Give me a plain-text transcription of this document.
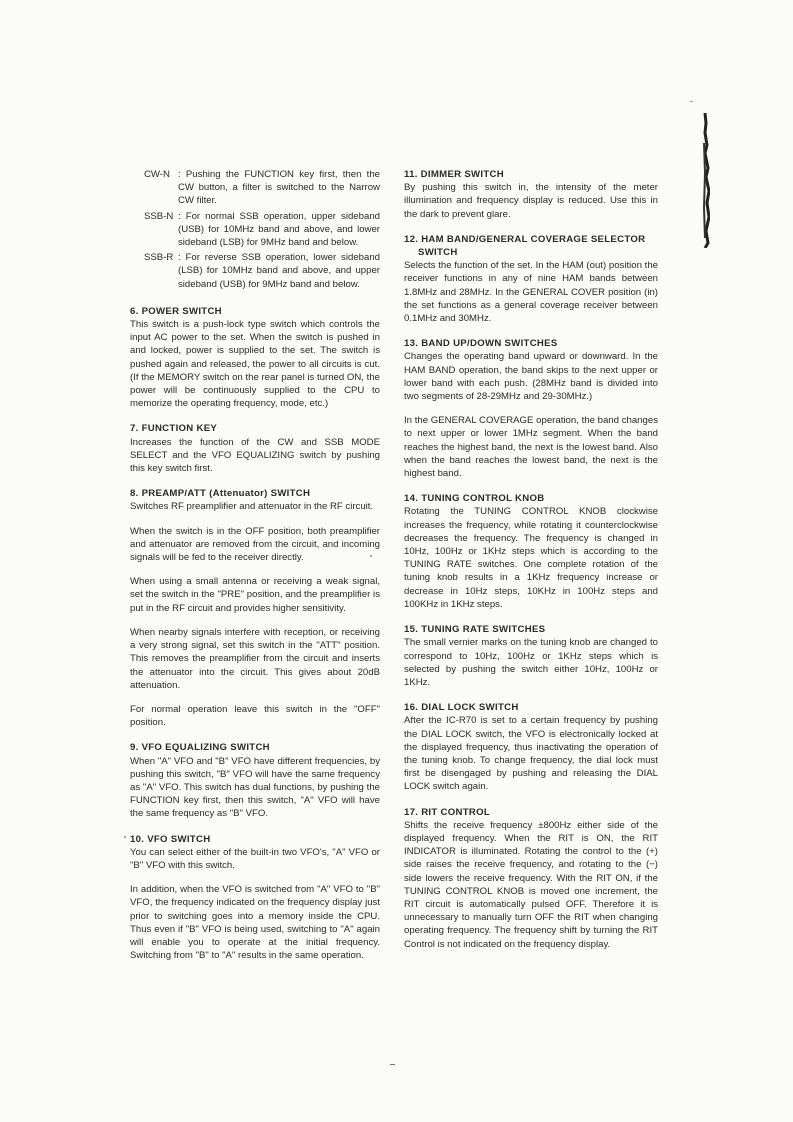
CW-N : Pushing the FUNCTION key first, then the CW button, a filter is switched to the Narrow CW filter.
SSB-N : For normal SSB operation, upper sideband (USB) for 10MHz band and above, and lower sideband (LSB) for 9MHz band and below.
SSB-R : For reverse SSB operation, lower sideband (LSB) for 10MHz band and above, and upper sideband (USB) for 9MHz band and below.

6. POWER SWITCH

This switch is a push-lock type switch which controls the input AC power to the set. When the switch is pushed in and locked, power is supplied to the set. The switch is pushed again and released, the power to all circuits is cut. (If the MEMORY switch on the rear panel is turned ON, the power will be continuously supplied to the CPU to memorize the operating frequency, mode, etc.)

7. FUNCTION KEY

Increases the function of the CW and SSB MODE SELECT and the VFO EQUALIZING switch by pushing this key switch first.

8. PREAMP/ATT (Attenuator) SWITCH

Switches RF preamplifier and attenuator in the RF circuit.

When the switch is in the OFF position, both preamplifier and attenuator are removed from the circuit, and incoming signals will be fed to the receiver directly.

When using a small antenna or receiving a weak signal, set the switch in the "PRE" position, and the preamplifier is put in the RF circuit and provides higher sensitivity.

When nearby signals interfere with reception, or receiving a very strong signal, set this switch in the "ATT" position. This removes the preamplifier from the circuit and inserts the attenuator into the circuit. This gives about 20dB attenuation.

For normal operation leave this switch in the "OFF" position.

9. VFO EQUALIZING SWITCH

When "A" VFO and "B" VFO have different frequencies, by pushing this switch, "B" VFO will have the same frequency as "A" VFO. This switch has dual functions, by pushing the FUNCTION key first, then this switch, "A" VFO will have the same frequency as "B" VFO.

10. VFO SWITCH

You can select either of the built-in two VFO's, "A" VFO or "B" VFO with this switch.

In addition, when the VFO is switched from "A" VFO to "B" VFO, the frequency indicated on the frequency display just prior to switching goes into a memory inside the CPU. Thus even if "B" VFO is being used, switching to "A" again will enable you to operate at the initial frequency. Switching from "B" to "A" results in the same operation.

11. DIMMER SWITCH

By pushing this switch in, the intensity of the meter illumination and frequency display is reduced. Use this in the dark to prevent glare.

12. HAM BAND/GENERAL COVERAGE SELECTOR
SWITCH

Selects the function of the set. In the HAM (out) position the receiver functions in any of nine HAM bands between 1.8MHz and 28MHz. In the GENERAL COVER position (in) the set functions as a general coverage receiver between 0.1MHz and 30MHz.

13. BAND UP/DOWN SWITCHES

Changes the operating band upward or downward. In the HAM BAND operation, the band skips to the next upper or lower band with each push. (28MHz band is divided into two segments of 28-29MHz and 29-30MHz.)

In the GENERAL COVERAGE operation, the band changes to next upper or lower 1MHz segment. When the band reaches the highest band, the next is the lowest band. Also when the band reaches the lowest band, the next is the highest band.

14. TUNING CONTROL KNOB

Rotating the TUNING CONTROL KNOB clockwise increases the frequency, while rotating it counterclockwise decreases the frequency. The frequency is changed in 10Hz, 100Hz or 1KHz steps which is according to the TUNING RATE switches. One complete rotation of the tuning knob results in a 1KHz frequency increase or decrease in 10Hz steps, 10KHz in 100Hz steps and 100KHz in 1KHz steps.

15. TUNING RATE SWITCHES

The small vernier marks on the tuning knob are changed to correspond to 10Hz, 100Hz or 1KHz steps which is selected by pushing the switch either 10Hz, 100Hz or 1KHz.

16. DIAL LOCK SWITCH

After the IC-R70 is set to a certain frequency by pushing the DIAL LOCK switch, the VFO is electronically locked at the displayed frequency, thus inactivating the operation of the tuning knob. To change frequency, the dial lock must first be disengaged by pushing and releasing the DIAL LOCK switch again.

17. RIT CONTROL

Shifts the receive frequency ±800Hz either side of the displayed frequency. When the RIT is ON, the RIT INDICATOR is illuminated. Rotating the control to the (+) side raises the receive frequency, and rotating to the (−) side lowers the receive frequency. With the RIT ON, if the TUNING CONTROL KNOB is moved one increment, the RIT circuit is automatically pulsed OFF. Therefore it is unnecessary to manually turn OFF the RIT when changing operating frequency. The frequency shift by turning the RIT Control is not indicated on the frequency display.
